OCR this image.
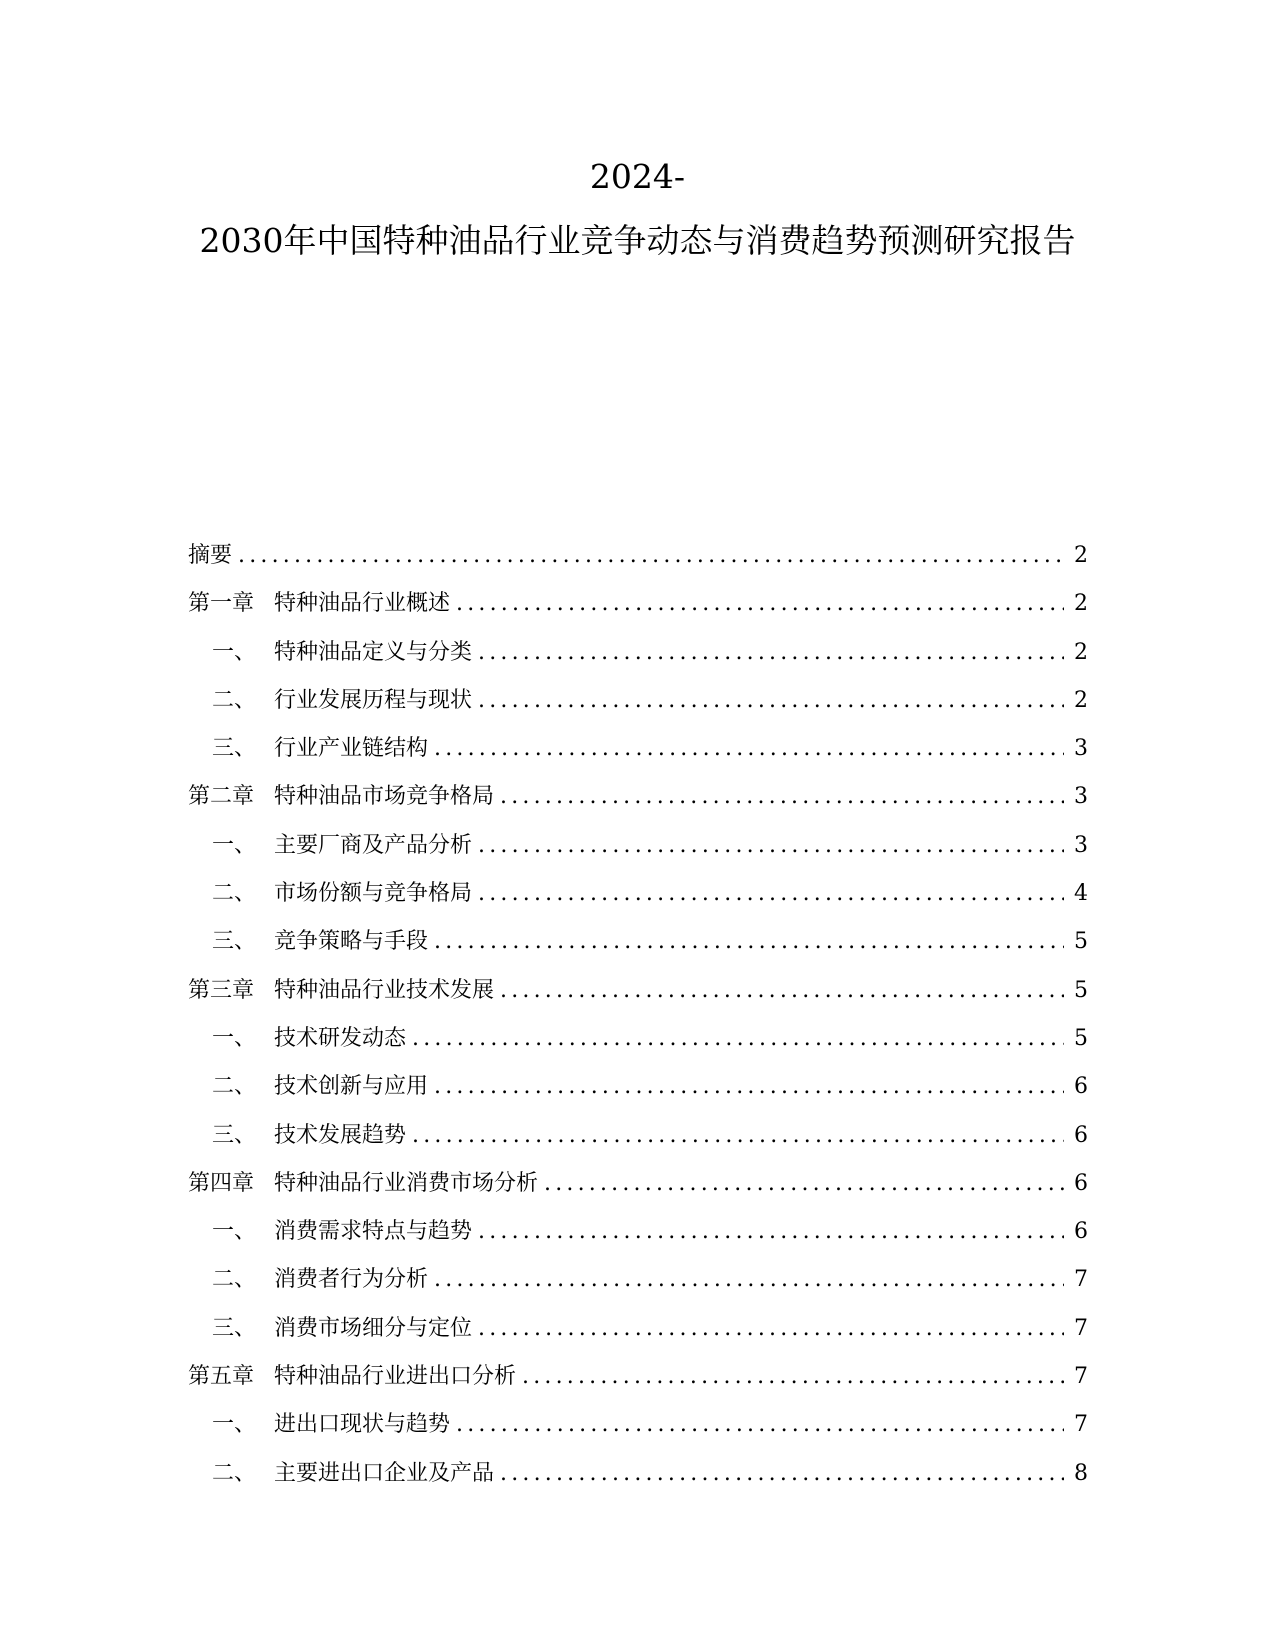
2024-
2030年中国特种油品行业竞争动态与消费趋势预测研究报告
摘要 .....	2
第一章 特种油品行业概述 .....	2
一、 特种油品定义与分类 .....	2
二、 行业发展历程与现状 .....	2
三、 行业产业链结构 .....	3
第二章 特种油品市场竞争格局 .....	3
一、 主要厂商及产品分析 .....	3
二、 市场份额与竞争格局 .....	4
三、 竞争策略与手段 .....	5
第三章 特种油品行业技术发展 .....	5
一、 技术研发动态 .....	5
二、 技术创新与应用 .....	6
三、 技术发展趋势 .....	6
第四章 特种油品行业消费市场分析 .....	6
一、 消费需求特点与趋势 .....	6
二、 消费者行为分析 .....	7
三、 消费市场细分与定位 .....	7
第五章 特种油品行业进出口分析 .....	7
一、 进出口现状与趋势 .....	7
二、 主要进出口企业及产品 .....	8
